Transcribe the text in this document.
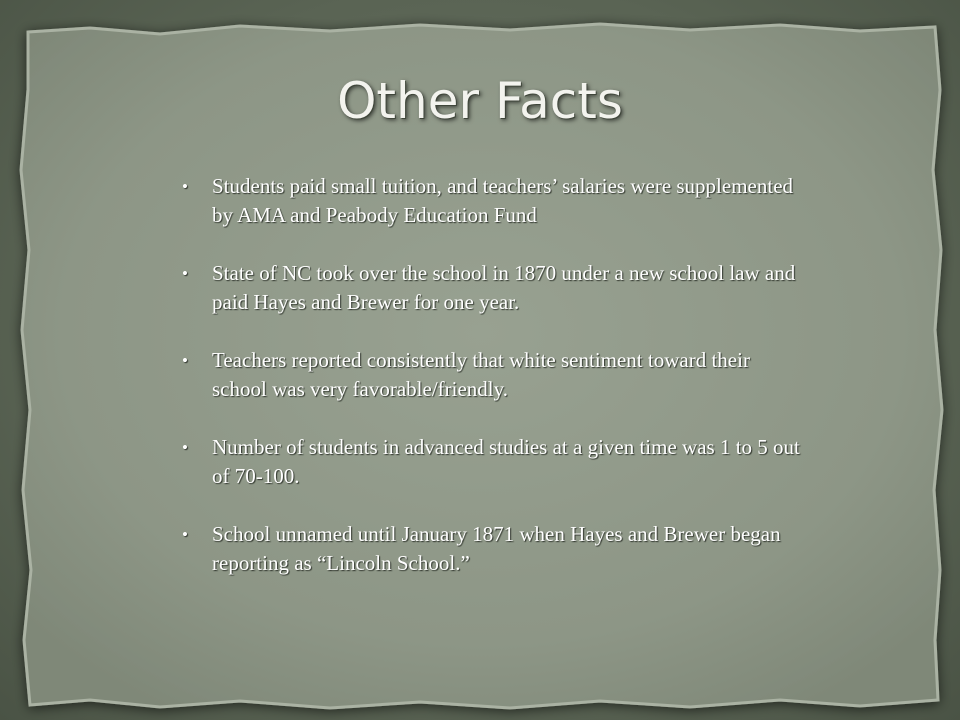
Other Facts
• Students paid small tuition, and teachers’ salaries were supplemented by AMA and Peabody Education Fund
• State of NC took over the school in 1870 under a new school law and paid Hayes and Brewer for one year.
• Teachers reported consistently that white sentiment toward their school was very favorable/friendly.
• Number of students in advanced studies at a given time was 1 to 5 out of 70-100.
• School unnamed until January 1871 when Hayes and Brewer began reporting as “Lincoln School.”
